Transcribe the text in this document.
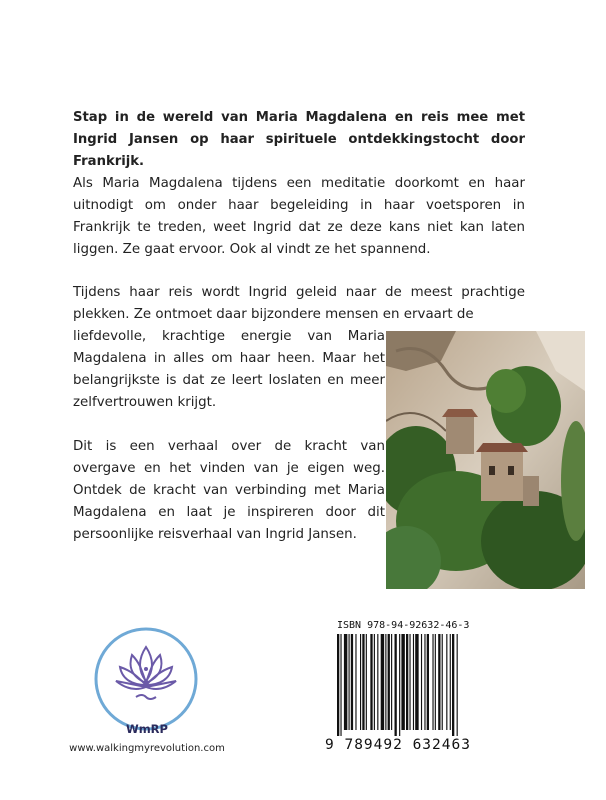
Stap in de wereld van Maria Magdalena en reis mee met Ingrid Jansen op haar spirituele ontdekkingstocht door Frankrijk.

Als Maria Magdalena tijdens een meditatie doorkomt en haar uitnodigt om onder haar begeleiding in haar voetsporen in Frankrijk te treden, weet Ingrid dat ze deze kans niet kan laten liggen. Ze gaat ervoor. Ook al vindt ze het spannend.

Tijdens haar reis wordt Ingrid geleid naar de meest prachtige plekken. Ze ontmoet daar bijzondere mensen en ervaart de

liefdevolle, krachtige energie van Maria Magdalena in alles om haar heen. Maar het belangrijkste is dat ze leert loslaten en meer zelfvertrouwen krijgt.

Dit is een verhaal over de kracht van overgave en het vinden van je eigen weg. Ontdek de kracht van verbinding met Maria Magdalena en laat je inspireren door dit persoonlijke reisverhaal van Ingrid Jansen.

WmRP
www.walkingmyrevolution.com
ISBN 978-94-92632-46-3
9 789492 632463
